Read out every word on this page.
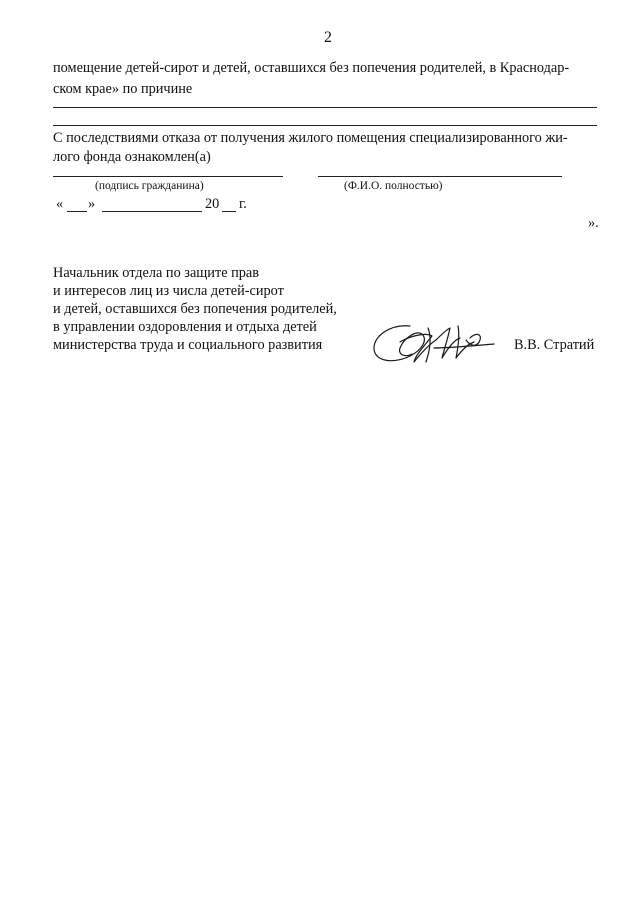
2
помещение детей-сирот и детей, оставшихся без попечения родителей, в Краснодар-
ском крае» по причине
С последствиями отказа от получения жилого помещения специализированного жи-
лого фонда ознакомлен(а)
(подпись гражданина)	(Ф.И.О. полностью)
« »	20 г.
».
Начальник отдела по защите прав
и интересов лиц из числа детей-сирот
и детей, оставшихся без попечения родителей,
в управлении оздоровления и отдыха детей
министерства труда и социального развития	В.В. Стратий
